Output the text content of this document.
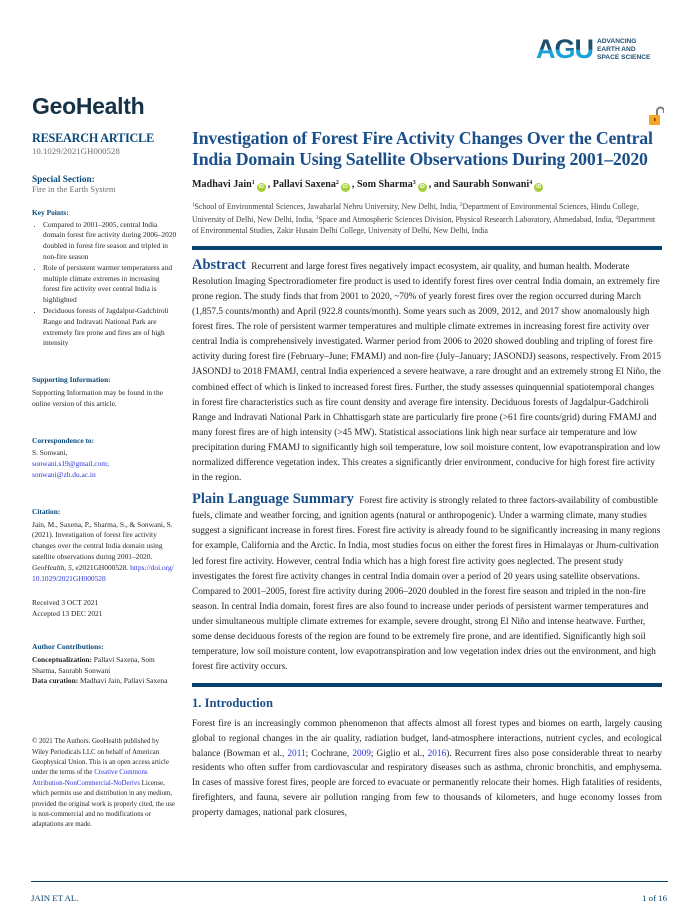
AGU ADVANCING
EARTH AND
SPACE SCIENCE
GeoHealth
RESEARCH ARTICLE
10.1029/2021GH000528
Special Section:
Fire in the Earth System
Key Points:
• Compared to 2001–2005, central India domain forest fire activity during 2006–2020 doubled in forest fire season and tripled in non-fire season
• Role of persistent warmer temperatures and multiple climate extremes in increasing forest fire activity over central India is highlighted
• Deciduous forests of Jagdalpur-Gadchiroli Range and Indravati National Park are extremely fire prone and fires are of high intensity
Supporting Information:

Supporting Information may be found in the online version of this article.

Correspondence to:

S. Sonwani,
sonwani.s19@gmail.com;
sonwani@zh.du.ac.in

Citation:

Jain, M., Saxena, P., Sharma, S., & Sonwani, S. (2021). Investigation of forest fire activity changes over the central India domain using satellite observations during 2001–2020. GeoHealth, 5, e2021GH000528. https://doi.org/10.1029/2021GH000528

Received 3 OCT 2021
Accepted 13 DEC 2021
Author Contributions:

Conceptualization: Pallavi Saxena, Som Sharma, Saurabh Sonwani
Data curation: Madhavi Jain, Pallavi Saxena

© 2021 The Authors. GeoHealth published by Wiley Periodicals LLC on behalf of American Geophysical Union. This is an open access article under the terms of the Creative Commons Attribution-NonCommercial-NoDerivs License, which permits use and distribution in any medium, provided the original work is properly cited, the use is non-commercial and no modifications or adaptations are made.
Investigation of Forest Fire Activity Changes Over the Central India Domain Using Satellite Observations During 2001–2020
Madhavi Jain$^1$iD , Pallavi Saxena$^2$iD , Som Sharma$^3$iD , and Saurabh Sonwani$^4$iD
$^1$School of Environmental Sciences, Jawaharlal Nehru University, New Delhi, India, $^2$Department of Environmental Sciences, Hindu College, University of Delhi, New Delhi, India, $^3$Space and Atmospheric Sciences Division, Physical Research Laboratory, Ahmedabad, India, $^4$Department of Environmental Studies, Zakir Husain Delhi College, University of Delhi, New Delhi, India

Abstract Recurrent and large forest fires negatively impact ecosystem, air quality, and human health. Moderate Resolution Imaging Spectroradiometer fire product is used to identify forest fires over central India domain, an extremely fire prone region. The study finds that from 2001 to 2020, ~70% of yearly forest fires over the region occurred during March (1,857.5 counts/month) and April (922.8 counts/month). Some years such as 2009, 2012, and 2017 show anomalously high forest fires. The role of persistent warmer temperatures and multiple climate extremes in increasing forest fire activity over central India is comprehensively investigated. Warmer period from 2006 to 2020 showed doubling and tripling of forest fire activity during forest fire (February–June; FMAMJ) and non-fire (July–January; JASONDJ) seasons, respectively. From 2015 JASONDJ to 2018 FMAMJ, central India experienced a severe heatwave, a rare drought and an extremely strong El Niño, the combined effect of which is linked to increased forest fires. Further, the study assesses quinquennial spatiotemporal changes in forest fire characteristics such as fire count density and average fire intensity. Deciduous forests of Jagdalpur-Gadchiroli Range and Indravati National Park in Chhattisgarh state are particularly fire prone (>61 fire counts/grid) during FMAMJ and many forest fires are of high intensity (>45 MW). Statistical associations link high near surface air temperature and low precipitation during FMAMJ to significantly high soil temperature, low soil moisture content, low evapotranspiration and low normalized difference vegetation index. This creates a significantly drier environment, conducive for high forest fire activity in the region.

Plain Language Summary Forest fire activity is strongly related to three factors-availability of combustible fuels, climate and weather forcing, and ignition agents (natural or anthropogenic). Under a warming climate, many studies suggest a significant increase in forest fires. Forest fire activity is already found to be significantly increasing in many regions for example, California and the Arctic. In India, most studies focus on either the forest fires in Himalayas or Jhum-cultivation led forest fire activity. However, central India which has a high forest fire activity goes neglected. The present study investigates the forest fire activity changes in central India domain over a period of 20 years using satellite observations. Compared to 2001–2005, forest fire activity during 2006–2020 doubled in the forest fire season and tripled in the non-fire season. In central India domain, forest fires are also found to increase under periods of persistent warmer temperatures and under simultaneous multiple climate extremes for example, severe drought, strong El Niño and intense heatwave. Further, some dense deciduous forests of the region are found to be extremely fire prone, and are identified. Significantly high soil temperature, low soil moisture content, low evapotranspiration and low vegetation index dries out the environment, and high forest fire activity occurs.

1. Introduction

Forest fire is an increasingly common phenomenon that affects almost all forest types and biomes on earth, largely causing global to regional changes in the air quality, radiation budget, land-atmosphere interactions, nutrient cycles, and ecological balance (Bowman et al., 2011; Cochrane, 2009; Giglio et al., 2016). Recurrent fires also pose considerable threat to nearby residents who often suffer from cardiovascular and respiratory diseases such as asthma, chronic bronchitis, and emphysema. In cases of massive forest fires, people are forced to evacuate or permanently relocate their homes. High fatalities of residents, firefighters, and fauna, severe air pollution ranging from few to thousands of kilometers, and huge economy losses from property damages, national park closures,

JAIN ET AL.	1 of 16
